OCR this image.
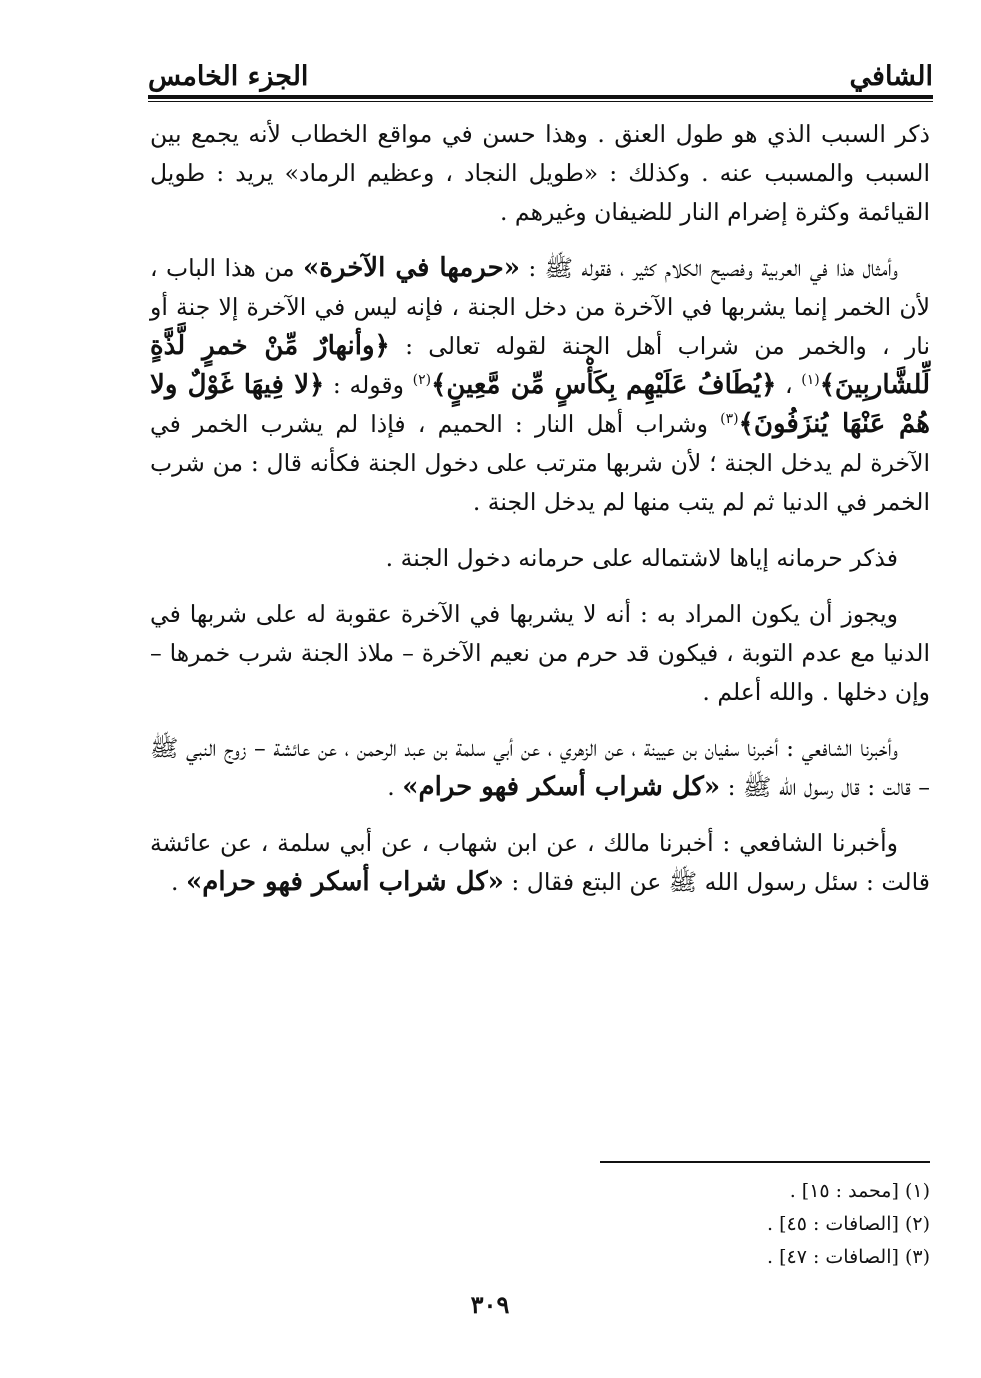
الشافي
الجزء الخامس

ذكر السبب الذي هو طول العنق . وهذا حسن في مواقع الخطاب لأنه يجمع بين السبب والمسبب عنه . وكذلك : «طويل النجاد ، وعظيم الرماد» يريد : طويل القيائمة وكثرة إضرام النار للضيفان وغيرهم .

وأمثال هذا في العربية وفصيح الكلام كثير ، فقوله ﷺ : «حرمها في الآخرة» من هذا الباب ، لأن الخمر إنما يشربها في الآخرة من دخل الجنة ، فإنه ليس في الآخرة إلا جنة أو نار ، والخمر من شراب أهل الجنة لقوله تعالى : ﴿وأنهارٌ مِّنْ خمرٍ لَّذَّةٍ لِّلشَّاربِينَ﴾$^{(١)}$ ، ﴿يُطَافُ عَلَيْهِم بِكَأْسٍ مِّن مَّعِينٍ﴾$^{(٢)}$ وقوله : ﴿لا فِيهَا غَوْلٌ ولا هُمْ عَنْهَا يُنزَفُونَ﴾$^{(٣)}$ وشراب أهل النار : الحميم ، فإذا لم يشرب الخمر في الآخرة لم يدخل الجنة ؛ لأن شربها مترتب على دخول الجنة فكأنه قال : من شرب الخمر في الدنيا ثم لم يتب منها لم يدخل الجنة .

فذكر حرمانه إياها لاشتماله على حرمانه دخول الجنة .

ويجوز أن يكون المراد به : أنه لا يشربها في الآخرة عقوبة له على شربها في الدنيا مع عدم التوبة ، فيكون قد حرم من نعيم الآخرة – ملاذ الجنة شرب خمرها – وإن دخلها . والله أعلم .

وأخبرنا الشافعي : أخبرنا سفيان بن عيينة ، عن الزهري ، عن أبي سلمة بن عبد الرحمن ، عن عائشة – زوج النبي ﷺ – قالت : قال رسول الله ﷺ : «كل شراب أسكر فهو حرام» .

وأخبرنا الشافعي : أخبرنا مالك ، عن ابن شهاب ، عن أبي سلمة ، عن عائشة قالت : سئل رسول الله ﷺ عن البتع فقال : «كل شراب أسكر فهو حرام» .

(١) [محمد : ١٥] .
(٢) [الصافات : ٤٥] .
(٣) [الصافات : ٤٧] .
٣٠٩
